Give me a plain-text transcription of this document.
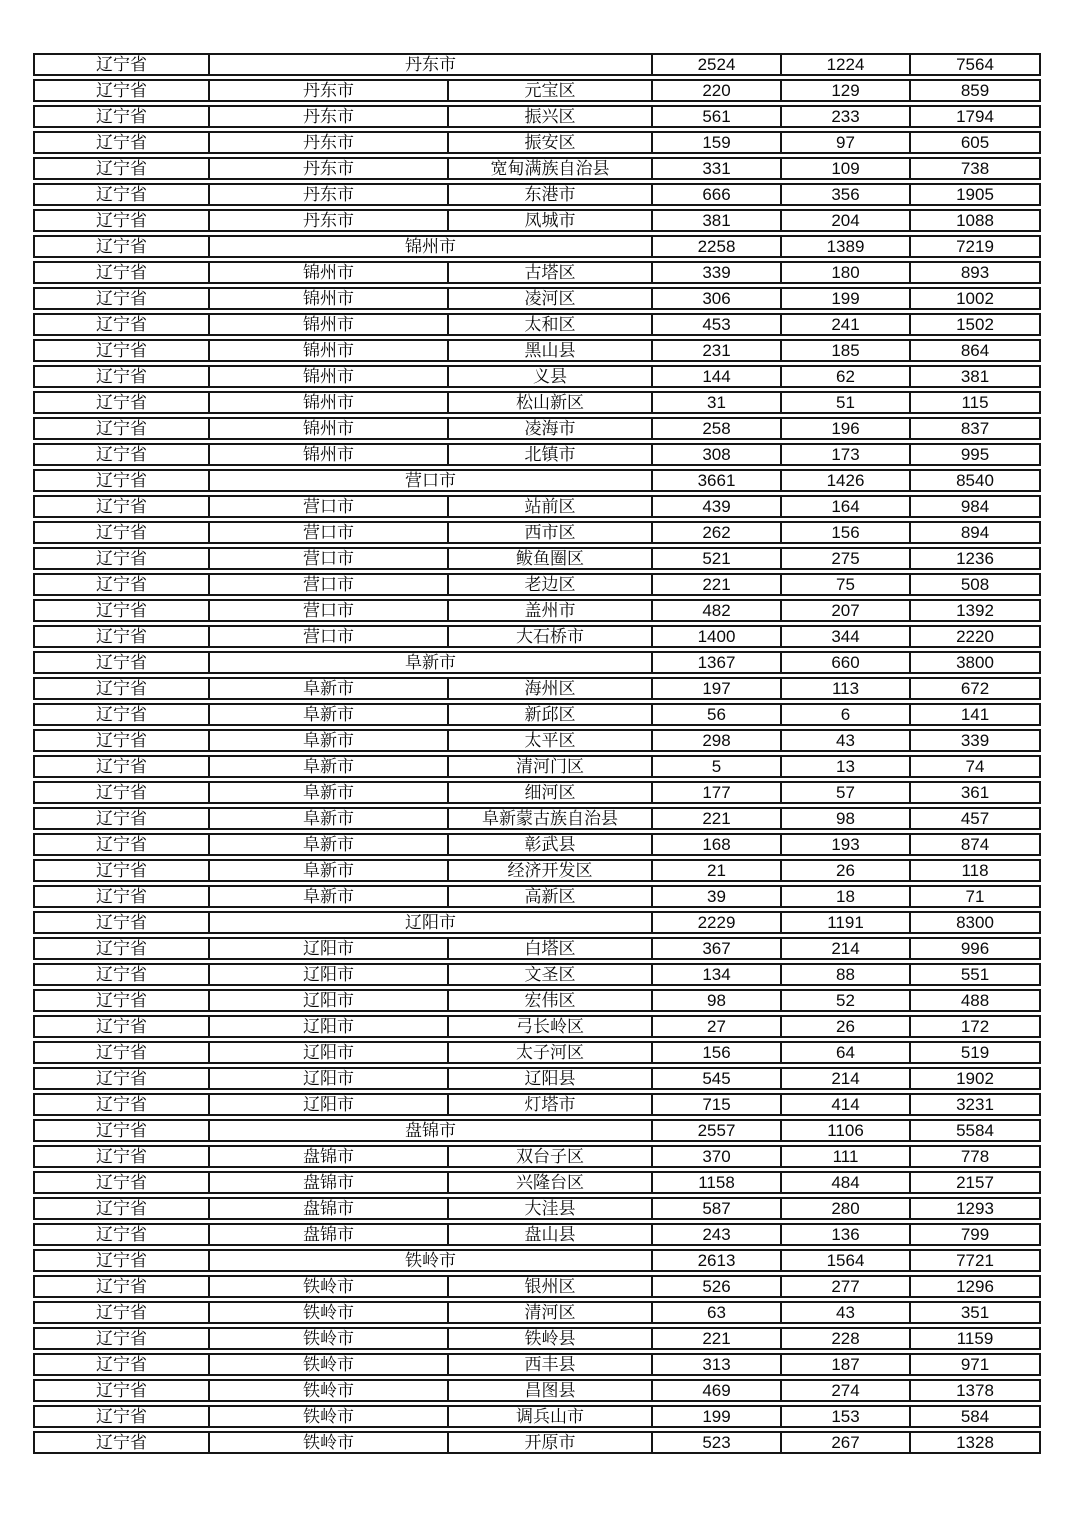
辽宁省	丹东市		2524	1224	7564
辽宁省	丹东市	元宝区	220	129	859
辽宁省	丹东市	振兴区	561	233	1794
辽宁省	丹东市	振安区	159	97	605
辽宁省	丹东市	宽甸满族自治县	331	109	738
辽宁省	丹东市	东港市	666	356	1905
辽宁省	丹东市	凤城市	381	204	1088
辽宁省	锦州市		2258	1389	7219
辽宁省	锦州市	古塔区	339	180	893
辽宁省	锦州市	凌河区	306	199	1002
辽宁省	锦州市	太和区	453	241	1502
辽宁省	锦州市	黑山县	231	185	864
辽宁省	锦州市	义县	144	62	381
辽宁省	锦州市	松山新区	31	51	115
辽宁省	锦州市	凌海市	258	196	837
辽宁省	锦州市	北镇市	308	173	995
辽宁省	营口市		3661	1426	8540
辽宁省	营口市	站前区	439	164	984
辽宁省	营口市	西市区	262	156	894
辽宁省	营口市	鲅鱼圈区	521	275	1236
辽宁省	营口市	老边区	221	75	508
辽宁省	营口市	盖州市	482	207	1392
辽宁省	营口市	大石桥市	1400	344	2220
辽宁省	阜新市		1367	660	3800
辽宁省	阜新市	海州区	197	113	672
辽宁省	阜新市	新邱区	56	6	141
辽宁省	阜新市	太平区	298	43	339
辽宁省	阜新市	清河门区	5	13	74
辽宁省	阜新市	细河区	177	57	361
辽宁省	阜新市	阜新蒙古族自治县	221	98	457
辽宁省	阜新市	彰武县	168	193	874
辽宁省	阜新市	经济开发区	21	26	118
辽宁省	阜新市	高新区	39	18	71
辽宁省	辽阳市		2229	1191	8300
辽宁省	辽阳市	白塔区	367	214	996
辽宁省	辽阳市	文圣区	134	88	551
辽宁省	辽阳市	宏伟区	98	52	488
辽宁省	辽阳市	弓长岭区	27	26	172
辽宁省	辽阳市	太子河区	156	64	519
辽宁省	辽阳市	辽阳县	545	214	1902
辽宁省	辽阳市	灯塔市	715	414	3231
辽宁省	盘锦市		2557	1106	5584
辽宁省	盘锦市	双台子区	370	111	778
辽宁省	盘锦市	兴隆台区	1158	484	2157
辽宁省	盘锦市	大洼县	587	280	1293
辽宁省	盘锦市	盘山县	243	136	799
辽宁省	铁岭市		2613	1564	7721
辽宁省	铁岭市	银州区	526	277	1296
辽宁省	铁岭市	清河区	63	43	351
辽宁省	铁岭市	铁岭县	221	228	1159
辽宁省	铁岭市	西丰县	313	187	971
辽宁省	铁岭市	昌图县	469	274	1378
辽宁省	铁岭市	调兵山市	199	153	584
辽宁省	铁岭市	开原市	523	267	1328
